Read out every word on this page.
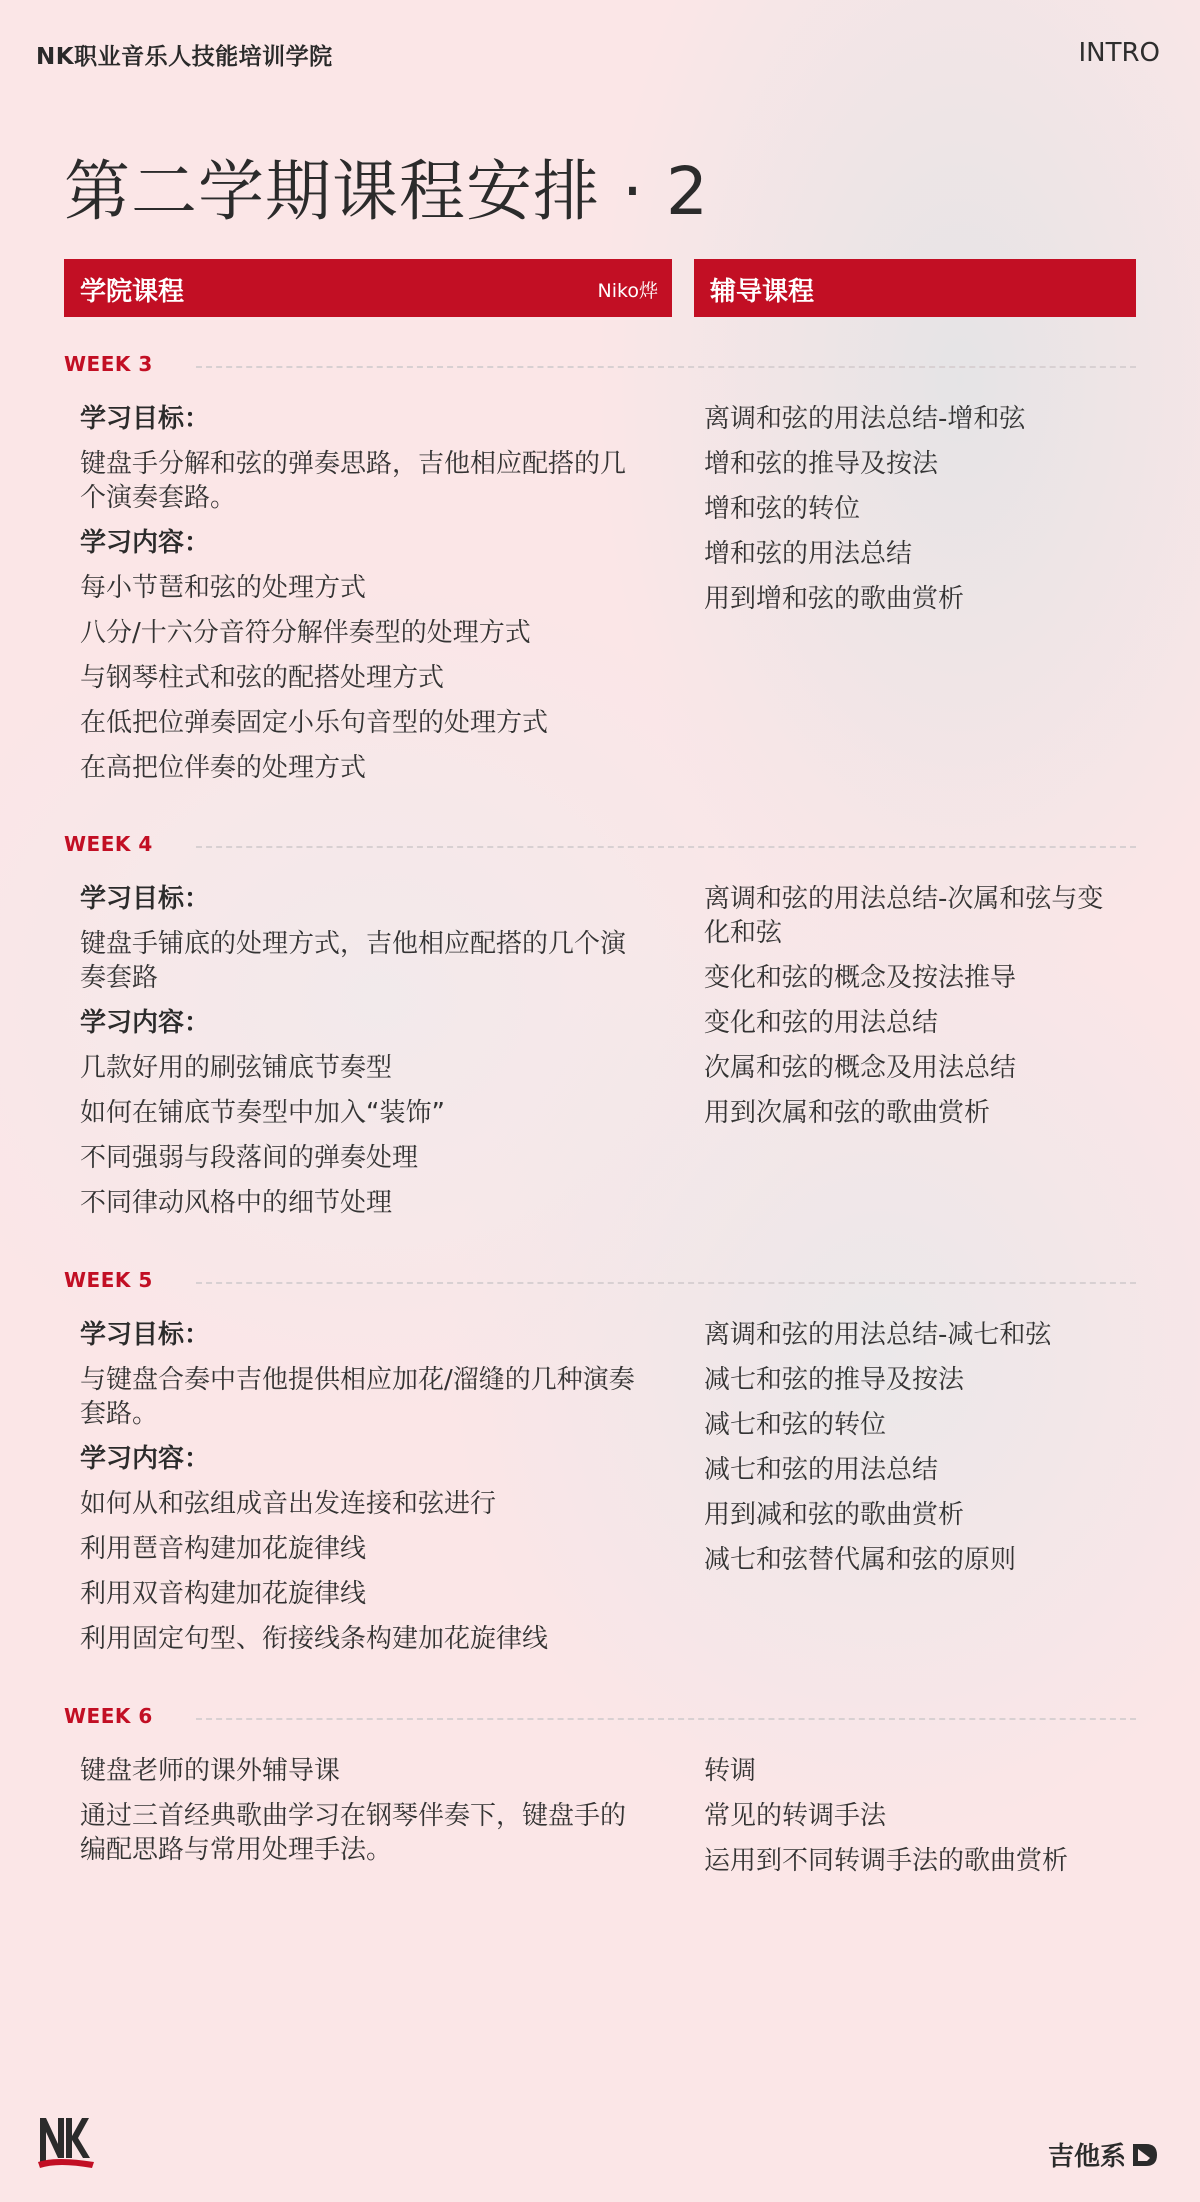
NK职业音乐人技能培训学院	INTRO
第二学期课程安排 · 2
学院课程	Niko烨 辅导课程
WEEK 3
学习目标：
键盘手分解和弦的弹奏思路，吉他相应配搭的几个演奏套路。
学习内容：
每小节琶和弦的处理方式
八分/十六分音符分解伴奏型的处理方式
与钢琴柱式和弦的配搭处理方式
在低把位弹奏固定小乐句音型的处理方式
在高把位伴奏的处理方式
离调和弦的用法总结-增和弦
增和弦的推导及按法
增和弦的转位
增和弦的用法总结
用到增和弦的歌曲赏析
WEEK 4
学习目标：
键盘手铺底的处理方式，吉他相应配搭的几个演奏套路
学习内容：
几款好用的刷弦铺底节奏型
如何在铺底节奏型中加入“装饰”
不同强弱与段落间的弹奏处理
不同律动风格中的细节处理
离调和弦的用法总结-次属和弦与变化和弦
变化和弦的概念及按法推导
变化和弦的用法总结
次属和弦的概念及用法总结
用到次属和弦的歌曲赏析
WEEK 5
学习目标：
与键盘合奏中吉他提供相应加花/溜缝的几种演奏套路。
学习内容：
如何从和弦组成音出发连接和弦进行
利用琶音构建加花旋律线
利用双音构建加花旋律线
利用固定句型、衔接线条构建加花旋律线
离调和弦的用法总结-减七和弦
减七和弦的推导及按法
减七和弦的转位
减七和弦的用法总结
用到减和弦的歌曲赏析
减七和弦替代属和弦的原则
WEEK 6
键盘老师的课外辅导课
通过三首经典歌曲学习在钢琴伴奏下，键盘手的编配思路与常用处理手法。
转调
常见的转调手法
运用到不同转调手法的歌曲赏析
吉他系
